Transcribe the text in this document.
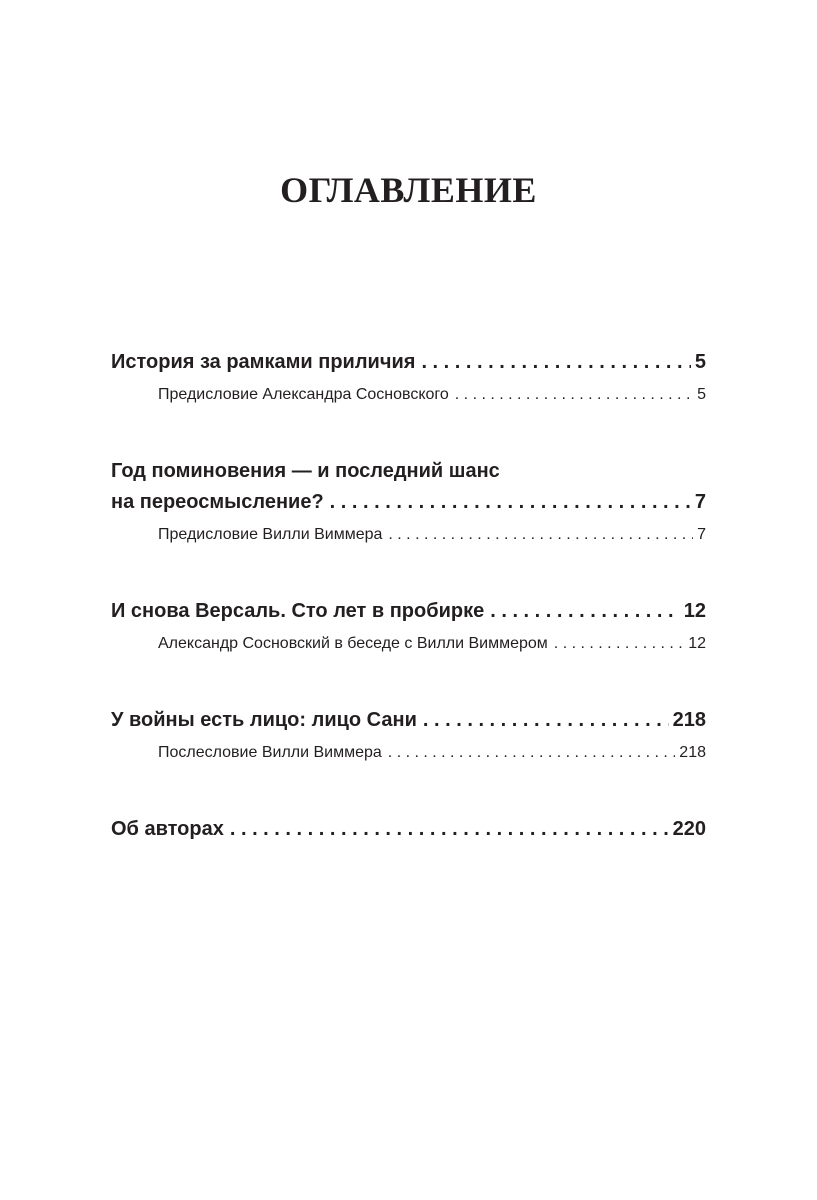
ОГЛАВЛЕНИЕ
История за рамками приличия . . .	5
Предисловие Александра Сосновского . . .	5
Год поминовения — и последний шанс
на переосмысление? . . .	7
Предисловие Вилли Виммера . . .	7
И снова Версаль. Сто лет в пробирке . . .	12
Александр Сосновский в беседе с Вилли Виммером . . .	12
У войны есть лицо: лицо Сани . . .	218
Послесловие Вилли Виммера . . .	218
Об авторах . . .	220
